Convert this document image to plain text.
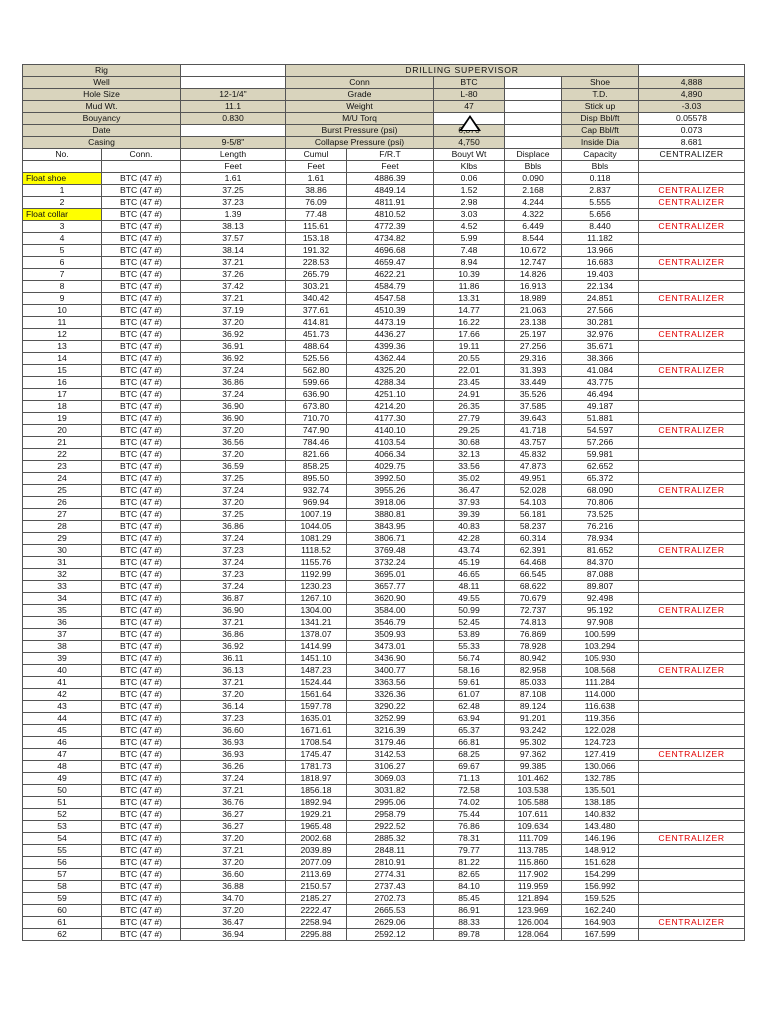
Rig			DRILLING SUPERVISOR					
Well			Conn		BTC		Shoe	4,888
Hole Size		12-1/4"	Grade		L-80		T.D.	4,890
Mud Wt.		11.1	Weight		47		Stick up	-3.03
Bouyancy		0.830	M/U Torq				Disp Bbl/ft	0.05578
Date			Burst Pressure (psi)		6,870		Cap Bbl/ft	0.073
Casing		9-5/8"	Collapse Pressure (psi)		4,750		Inside Dia	8.681
No.	Conn.	Length	Cumul	F/R.T	Bouyt Wt	Displace	Capacity	CENTRALIZER
		Feet	Feet	Feet	Klbs	Bbls	Bbls	
Float shoe	BTC (47 #)	1.61	1.61	4886.39	0.06	0.090	0.118	
1	BTC (47 #)	37.25	38.86	4849.14	1.52	2.168	2.837	CENTRALIZER
2	BTC (47 #)	37.23	76.09	4811.91	2.98	4.244	5.555	CENTRALIZER
Float collar	BTC (47 #)	1.39	77.48	4810.52	3.03	4.322	5.656	
3	BTC (47 #)	38.13	115.61	4772.39	4.52	6.449	8.440	CENTRALIZER
4	BTC (47 #)	37.57	153.18	4734.82	5.99	8.544	11.182	
5	BTC (47 #)	38.14	191.32	4696.68	7.48	10.672	13.966	
6	BTC (47 #)	37.21	228.53	4659.47	8.94	12.747	16.683	CENTRALIZER
7	BTC (47 #)	37.26	265.79	4622.21	10.39	14.826	19.403	
8	BTC (47 #)	37.42	303.21	4584.79	11.86	16.913	22.134	
9	BTC (47 #)	37.21	340.42	4547.58	13.31	18.989	24.851	CENTRALIZER
10	BTC (47 #)	37.19	377.61	4510.39	14.77	21.063	27.566	
11	BTC (47 #)	37.20	414.81	4473.19	16.22	23.138	30.281	
12	BTC (47 #)	36.92	451.73	4436.27	17.66	25.197	32.976	CENTRALIZER
13	BTC (47 #)	36.91	488.64	4399.36	19.11	27.256	35.671	
14	BTC (47 #)	36.92	525.56	4362.44	20.55	29.316	38.366	
15	BTC (47 #)	37.24	562.80	4325.20	22.01	31.393	41.084	CENTRALIZER
16	BTC (47 #)	36.86	599.66	4288.34	23.45	33.449	43.775	
17	BTC (47 #)	37.24	636.90	4251.10	24.91	35.526	46.494	
18	BTC (47 #)	36.90	673.80	4214.20	26.35	37.585	49.187	
19	BTC (47 #)	36.90	710.70	4177.30	27.79	39.643	51.881	
20	BTC (47 #)	37.20	747.90	4140.10	29.25	41.718	54.597	CENTRALIZER
21	BTC (47 #)	36.56	784.46	4103.54	30.68	43.757	57.266	
22	BTC (47 #)	37.20	821.66	4066.34	32.13	45.832	59.981	
23	BTC (47 #)	36.59	858.25	4029.75	33.56	47.873	62.652	
24	BTC (47 #)	37.25	895.50	3992.50	35.02	49.951	65.372	
25	BTC (47 #)	37.24	932.74	3955.26	36.47	52.028	68.090	CENTRALIZER
26	BTC (47 #)	37.20	969.94	3918.06	37.93	54.103	70.806	
27	BTC (47 #)	37.25	1007.19	3880.81	39.39	56.181	73.525	
28	BTC (47 #)	36.86	1044.05	3843.95	40.83	58.237	76.216	
29	BTC (47 #)	37.24	1081.29	3806.71	42.28	60.314	78.934	
30	BTC (47 #)	37.23	1118.52	3769.48	43.74	62.391	81.652	CENTRALIZER
31	BTC (47 #)	37.24	1155.76	3732.24	45.19	64.468	84.370	
32	BTC (47 #)	37.23	1192.99	3695.01	46.65	66.545	87.088	
33	BTC (47 #)	37.24	1230.23	3657.77	48.11	68.622	89.807	
34	BTC (47 #)	36.87	1267.10	3620.90	49.55	70.679	92.498	
35	BTC (47 #)	36.90	1304.00	3584.00	50.99	72.737	95.192	CENTRALIZER
36	BTC (47 #)	37.21	1341.21	3546.79	52.45	74.813	97.908	
37	BTC (47 #)	36.86	1378.07	3509.93	53.89	76.869	100.599	
38	BTC (47 #)	36.92	1414.99	3473.01	55.33	78.928	103.294	
39	BTC (47 #)	36.11	1451.10	3436.90	56.74	80.942	105.930	
40	BTC (47 #)	36.13	1487.23	3400.77	58.16	82.958	108.568	CENTRALIZER
41	BTC (47 #)	37.21	1524.44	3363.56	59.61	85.033	111.284	
42	BTC (47 #)	37.20	1561.64	3326.36	61.07	87.108	114.000	
43	BTC (47 #)	36.14	1597.78	3290.22	62.48	89.124	116.638	
44	BTC (47 #)	37.23	1635.01	3252.99	63.94	91.201	119.356	
45	BTC (47 #)	36.60	1671.61	3216.39	65.37	93.242	122.028	
46	BTC (47 #)	36.93	1708.54	3179.46	66.81	95.302	124.723	
47	BTC (47 #)	36.93	1745.47	3142.53	68.25	97.362	127.419	CENTRALIZER
48	BTC (47 #)	36.26	1781.73	3106.27	69.67	99.385	130.066	
49	BTC (47 #)	37.24	1818.97	3069.03	71.13	101.462	132.785	
50	BTC (47 #)	37.21	1856.18	3031.82	72.58	103.538	135.501	
51	BTC (47 #)	36.76	1892.94	2995.06	74.02	105.588	138.185	
52	BTC (47 #)	36.27	1929.21	2958.79	75.44	107.611	140.832	
53	BTC (47 #)	36.27	1965.48	2922.52	76.86	109.634	143.480	
54	BTC (47 #)	37.20	2002.68	2885.32	78.31	111.709	146.196	CENTRALIZER
55	BTC (47 #)	37.21	2039.89	2848.11	79.77	113.785	148.912	
56	BTC (47 #)	37.20	2077.09	2810.91	81.22	115.860	151.628	
57	BTC (47 #)	36.60	2113.69	2774.31	82.65	117.902	154.299	
58	BTC (47 #)	36.88	2150.57	2737.43	84.10	119.959	156.992	
59	BTC (47 #)	34.70	2185.27	2702.73	85.45	121.894	159.525	
60	BTC (47 #)	37.20	2222.47	2665.53	86.91	123.969	162.240	
61	BTC (47 #)	36.47	2258.94	2629.06	88.33	126.004	164.903	CENTRALIZER
62	BTC (47 #)	36.94	2295.88	2592.12	89.78	128.064	167.599	
